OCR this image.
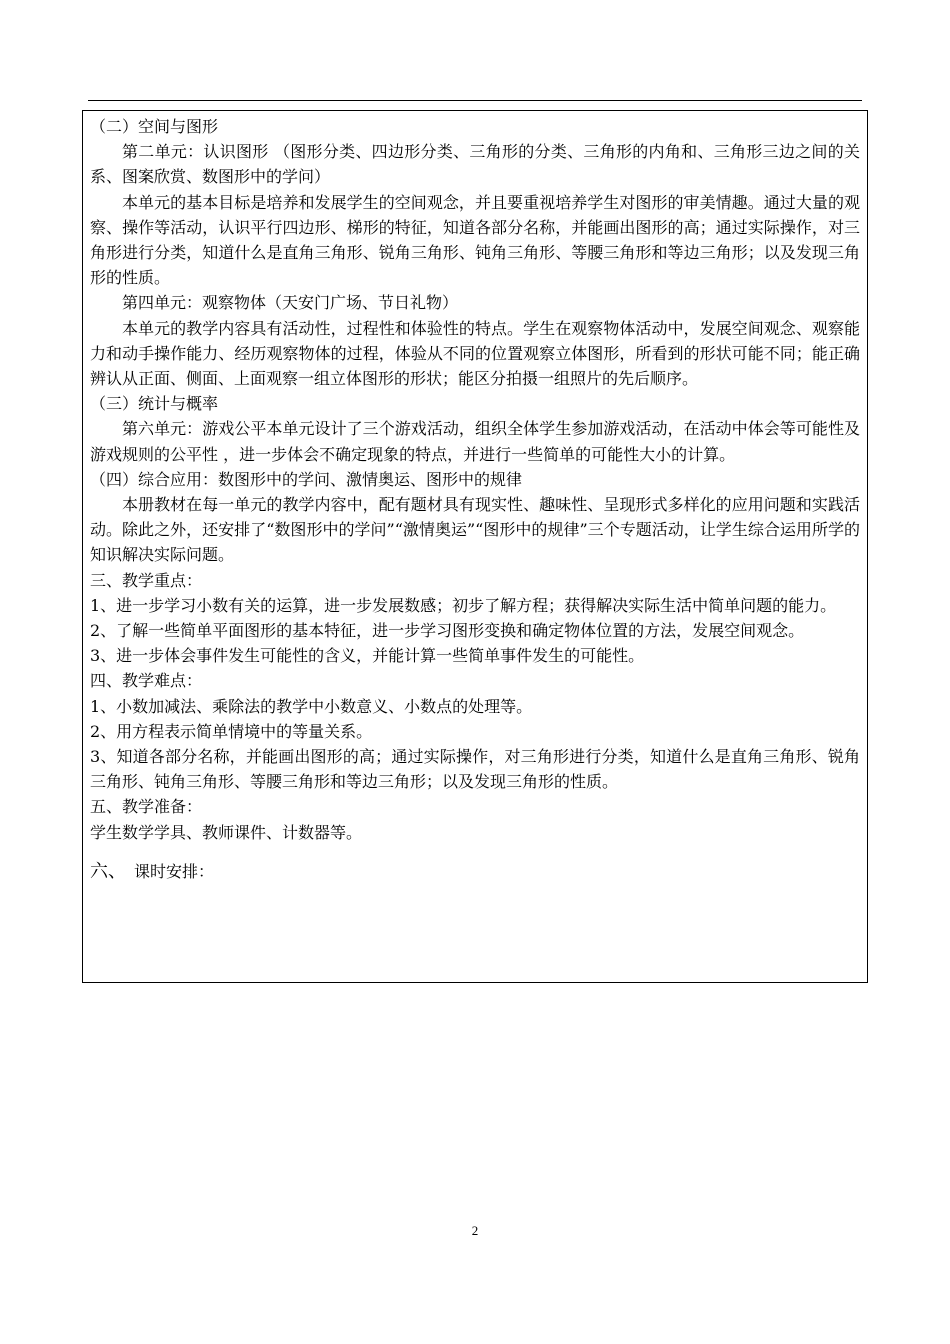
（二）空间与图形
第二单元：认识图形 （图形分类、四边形分类、三角形的分类、三角形的内角和、三角形三边之间的关系、图案欣赏、数图形中的学问）
本单元的基本目标是培养和发展学生的空间观念，并且要重视培养学生对图形的审美情趣。通过大量的观察、操作等活动，认识平行四边形、梯形的特征，知道各部分名称，并能画出图形的高；通过实际操作，对三角形进行分类，知道什么是直角三角形、锐角三角形、钝角三角形、等腰三角形和等边三角形；以及发现三角形的性质。
第四单元：观察物体（天安门广场、节日礼物）
本单元的教学内容具有活动性，过程性和体验性的特点。学生在观察物体活动中，发展空间观念、观察能力和动手操作能力、经历观察物体的过程，体验从不同的位置观察立体图形，所看到的形状可能不同；能正确辨认从正面、侧面、上面观察一组立体图形的形状；能区分拍摄一组照片的先后顺序。
（三）统计与概率
第六单元：游戏公平本单元设计了三个游戏活动，组织全体学生参加游戏活动，在活动中体会等可能性及游戏规则的公平性 ，进一步体会不确定现象的特点，并进行一些简单的可能性大小的计算。
（四）综合应用：数图形中的学问、激情奥运、图形中的规律
本册教材在每一单元的教学内容中，配有题材具有现实性、趣味性、呈现形式多样化的应用问题和实践活动。除此之外，还安排了“数图形中的学问”“激情奥运”“图形中的规律”三个专题活动，让学生综合运用所学的知识解决实际问题。
三、教学重点：
1、进一步学习小数有关的运算，进一步发展数感；初步了解方程；获得解决实际生活中简单问题的能力。
2、了解一些简单平面图形的基本特征，进一步学习图形变换和确定物体位置的方法，发展空间观念。
3、进一步体会事件发生可能性的含义，并能计算一些简单事件发生的可能性。
四、教学难点：
1、小数加减法、乘除法的教学中小数意义、小数点的处理等。
2、用方程表示简单情境中的等量关系。
3、知道各部分名称，并能画出图形的高；通过实际操作，对三角形进行分类，知道什么是直角三角形、锐角三角形、钝角三角形、等腰三角形和等边三角形；以及发现三角形的性质。
五、教学准备：
学生数学学具、教师课件、计数器等。
六、 课时安排：
2
